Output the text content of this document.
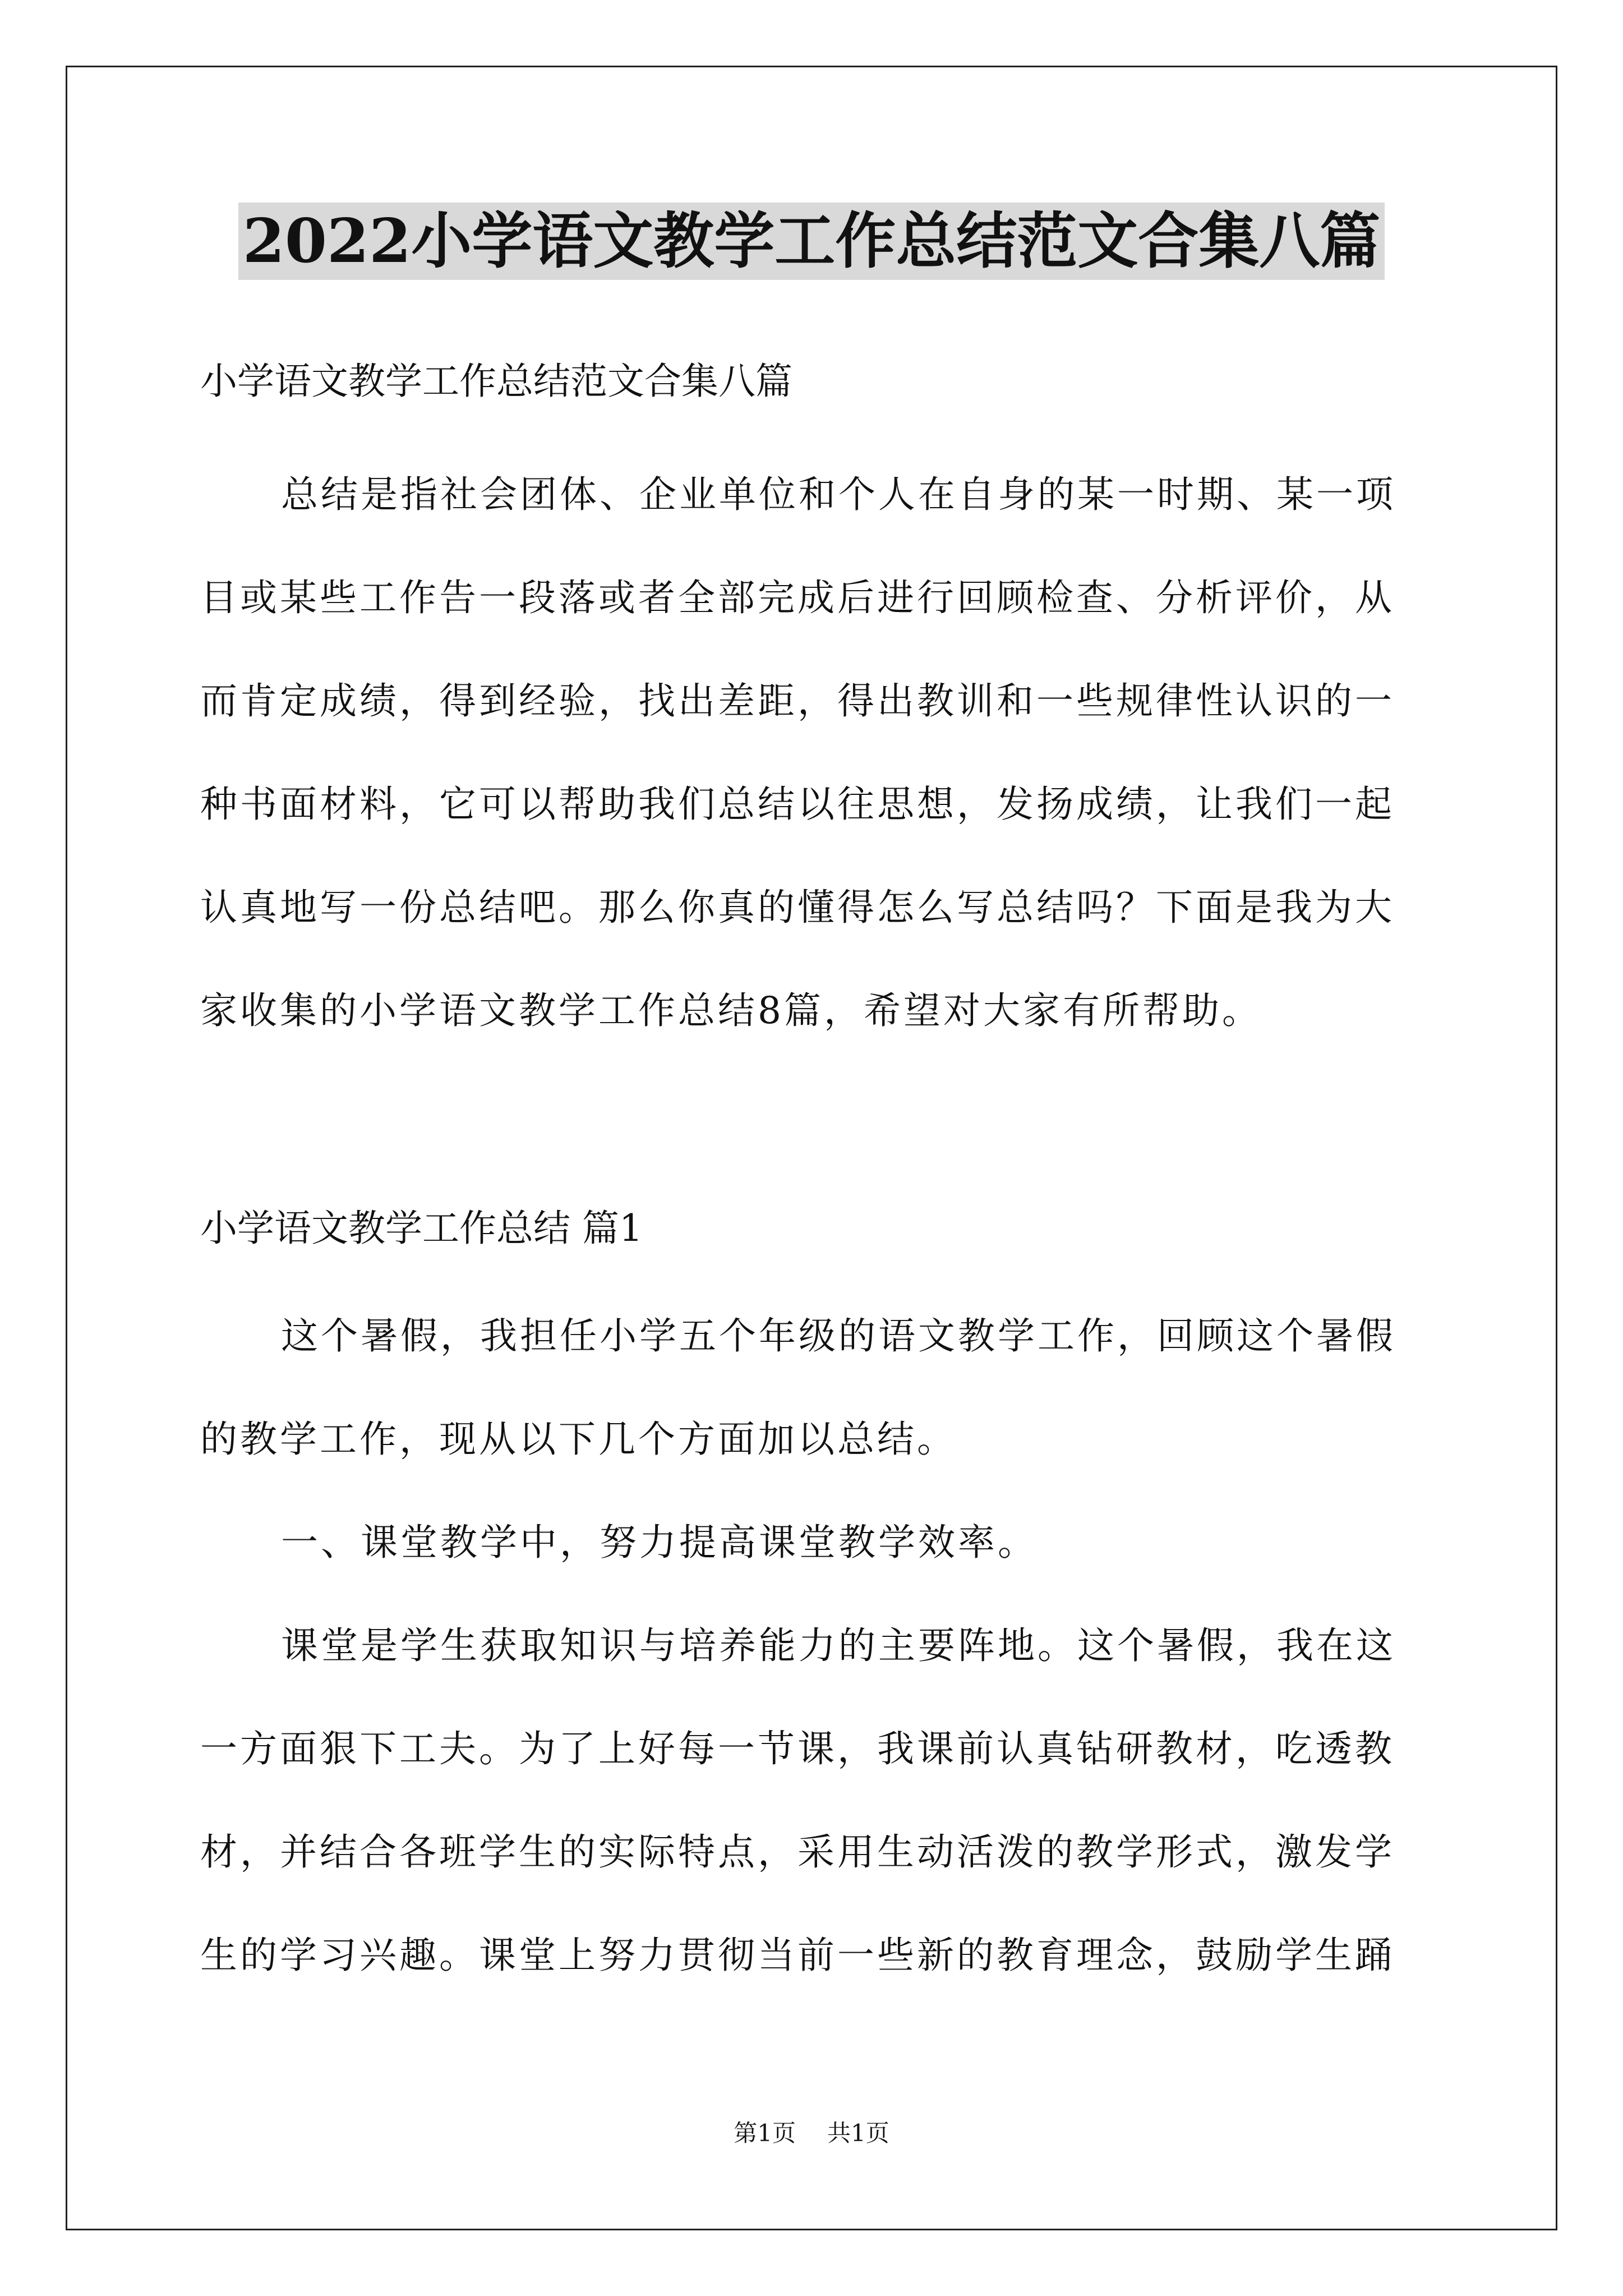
2022小学语文教学工作总结范文合集八篇
小学语文教学工作总结范文合集八篇

总结是指社会团体、企业单位和个人在自身的某一时期、某一项目或某些工作告一段落或者全部完成后进行回顾检查、分析评价，从而肯定成绩，得到经验，找出差距，得出教训和一些规律性认识的一种书面材料，它可以帮助我们总结以往思想，发扬成绩，让我们一起认真地写一份总结吧。那么你真的懂得怎么写总结吗？下面是我为大家收集的小学语文教学工作总结8篇，希望对大家有所帮助。

小学语文教学工作总结 篇1

这个暑假，我担任小学五个年级的语文教学工作，回顾这个暑假的教学工作，现从以下几个方面加以总结。

一、课堂教学中，努力提高课堂教学效率。

课堂是学生获取知识与培养能力的主要阵地。这个暑假，我在这一方面狠下工夫。为了上好每一节课，我课前认真钻研教材，吃透教材，并结合各班学生的实际特点，采用生动活泼的教学形式，激发学生的学习兴趣。课堂上努力贯彻当前一些新的教育理念，鼓励学生踊

第1页 共1页
